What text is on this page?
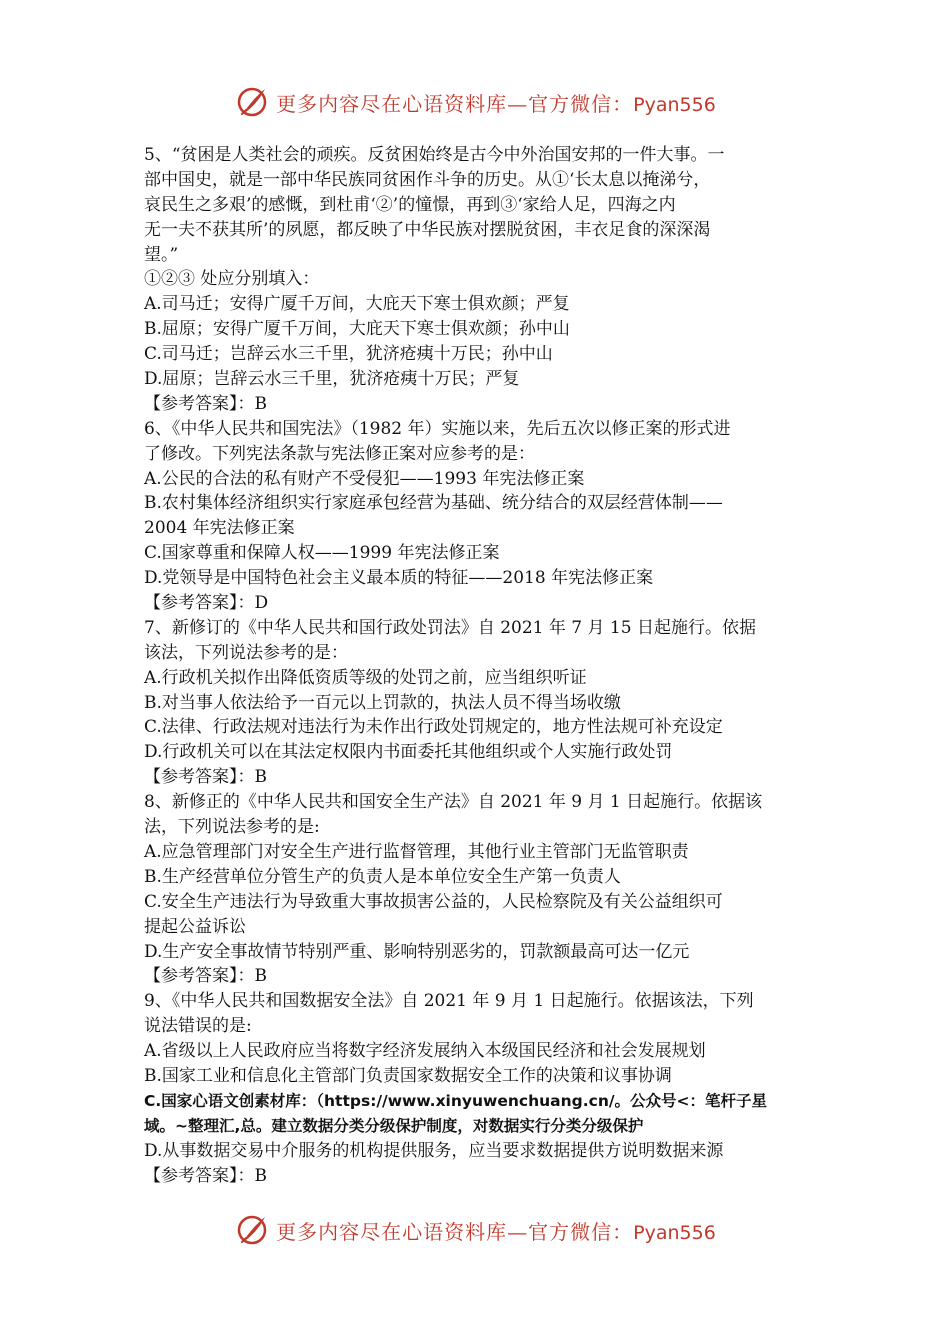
更多内容尽在心语资料库—官方微信：Pyan556
5、“贫困是人类社会的顽疾。反贫困始终是古今中外治国安邦的一件大事。一
部中国史，就是一部中华民族同贫困作斗争的历史。从①‘长太息以掩涕兮，
哀民生之多艰’的感慨，到杜甫‘②’的憧憬，再到③‘家给人足，四海之内
无一夫不获其所’的夙愿，都反映了中华民族对摆脱贫困，丰衣足食的深深渴
望。”
①②③ 处应分别填入：
A.司马迁；安得广厦千万间，大庇天下寒士俱欢颜；严复
B.屈原；安得广厦千万间，大庇天下寒士俱欢颜；孙中山
C.司马迁；岂辞云水三千里，犹济疮痍十万民；孙中山
D.屈原；岂辞云水三千里，犹济疮痍十万民；严复
【参考答案】：B
6、《中华人民共和国宪法》（1982 年）实施以来，先后五次以修正案的形式进
了修改。下列宪法条款与宪法修正案对应参考的是：
A.公民的合法的私有财产不受侵犯——1993 年宪法修正案
B.农村集体经济组织实行家庭承包经营为基础、统分结合的双层经营体制——
2004 年宪法修正案
C.国家尊重和保障人权——1999 年宪法修正案
D.党领导是中国特色社会主义最本质的特征——2018 年宪法修正案
【参考答案】：D
7、新修订的《中华人民共和国行政处罚法》自 2021 年 7 月 15 日起施行。依据
该法，下列说法参考的是：
A.行政机关拟作出降低资质等级的处罚之前，应当组织听证
B.对当事人依法给予一百元以上罚款的，执法人员不得当场收缴
C.法律、行政法规对违法行为未作出行政处罚规定的，地方性法规可补充设定
D.行政机关可以在其法定权限内书面委托其他组织或个人实施行政处罚
【参考答案】：B
8、新修正的《中华人民共和国安全生产法》自 2021 年 9 月 1 日起施行。依据该
法，下列说法参考的是:
A.应急管理部门对安全生产进行监督管理，其他行业主管部门无监管职责
B.生产经营单位分管生产的负责人是本单位安全生产第一负责人
C.安全生产违法行为导致重大事故损害公益的，人民检察院及有关公益组织可
提起公益诉讼
D.生产安全事故情节特别严重、影响特别恶劣的，罚款额最高可达一亿元
【参考答案】：B
9、《中华人民共和国数据安全法》自 2021 年 9 月 1 日起施行。依据该法，下列
说法错误的是:
A.省级以上人民政府应当将数字经济发展纳入本级国民经济和社会发展规划
B.国家工业和信息化主管部门负责国家数据安全工作的决策和议事协调
C.国家心语文创素材库：（https://www.xinyuwenchuang.cn/。公众号<：笔杆子星
域。~整理汇,总。建立数据分类分级保护制度，对数据实行分类分级保护
D.从事数据交易中介服务的机构提供服务，应当要求数据提供方说明数据来源
【参考答案】：B
更多内容尽在心语资料库—官方微信：Pyan556
